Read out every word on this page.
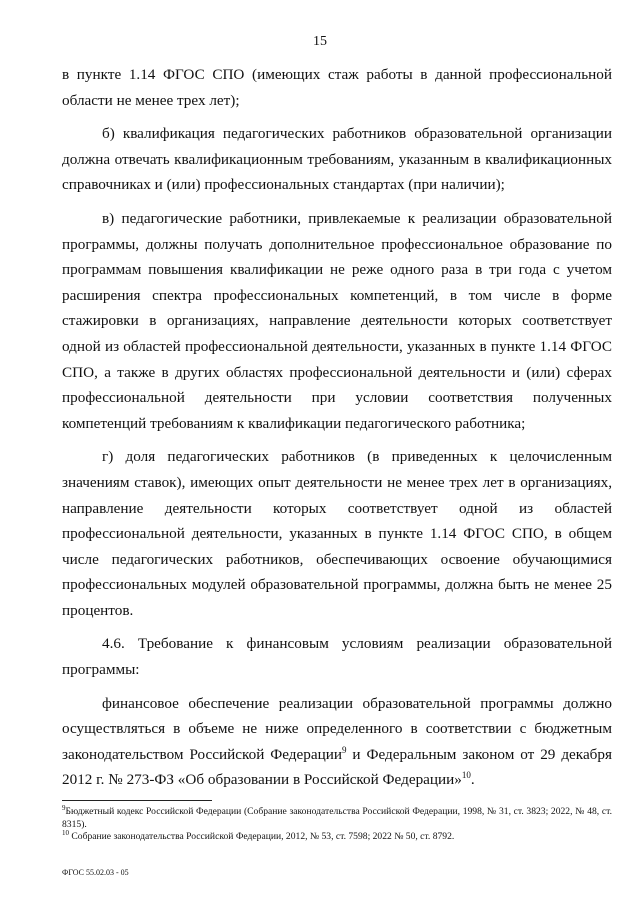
15

в пункте 1.14 ФГОС СПО (имеющих стаж работы в данной профессиональной области не менее трех лет);

б) квалификация педагогических работников образовательной организации должна отвечать квалификационным требованиям, указанным в квалификационных справочниках и (или) профессиональных стандартах (при наличии);

в) педагогические работники, привлекаемые к реализации образовательной программы, должны получать дополнительное профессиональное образование по программам повышения квалификации не реже одного раза в три года с учетом расширения спектра профессиональных компетенций, в том числе в форме стажировки в организациях, направление деятельности которых соответствует одной из областей профессиональной деятельности, указанных в пункте 1.14 ФГОС СПО, а также в других областях профессиональной деятельности и (или) сферах профессиональной деятельности при условии соответствия полученных компетенций требованиям к квалификации педагогического работника;

г) доля педагогических работников (в приведенных к целочисленным значениям ставок), имеющих опыт деятельности не менее трех лет в организациях, направление деятельности которых соответствует одной из областей профессиональной деятельности, указанных в пункте 1.14 ФГОС СПО, в общем числе педагогических работников, обеспечивающих освоение обучающимися профессиональных модулей образовательной программы, должна быть не менее 25 процентов.

4.6. Требование к финансовым условиям реализации образовательной программы:

финансовое обеспечение реализации образовательной программы должно осуществляться в объеме не ниже определенного в соответствии с бюджетным законодательством Российской Федерации$^9$ и Федеральным законом от 29 декабря 2012 г. № 273-ФЗ «Об образовании в Российской Федерации»$^{10}$.

$^9$Бюджетный кодекс Российской Федерации (Собрание законодательства Российской Федерации, 1998, № 31, ст. 3823; 2022, № 48, ст. 8315).
$^{10}$ Собрание законодательства Российской Федерации, 2012, № 53, ст. 7598; 2022 № 50, ст. 8792.
ФГОС 55.02.03 - 05
